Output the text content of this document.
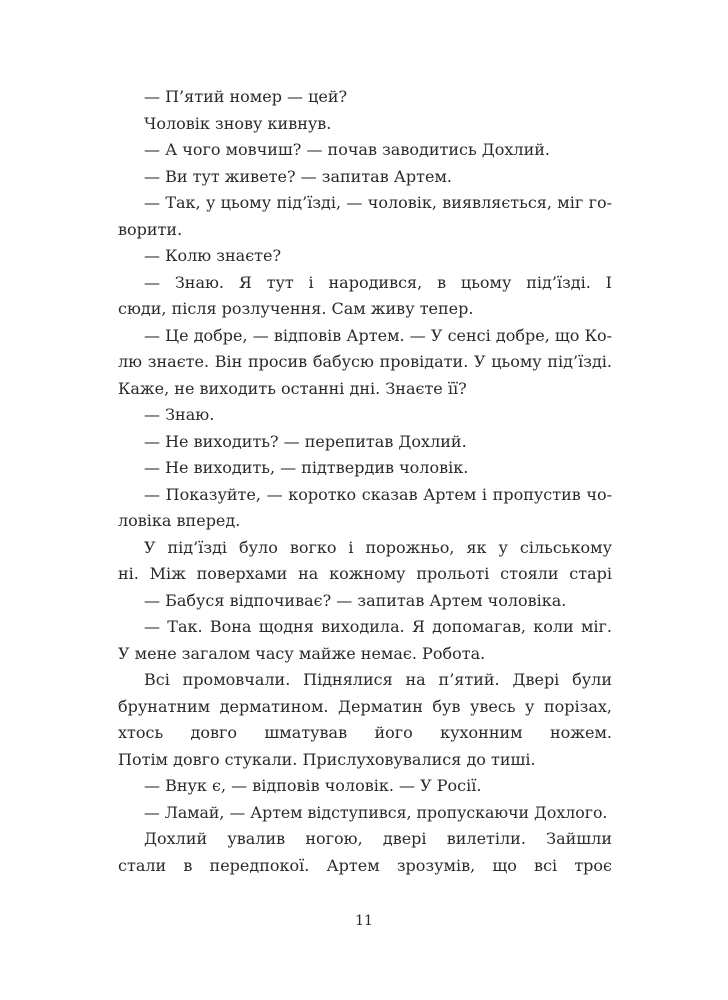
— П’ятий номер — цей?
Чоловік знову кивнув.
— А чого мовчиш? — почав заводитись Дохлий.
— Ви тут живете? — запитав Артем.
— Так, у цьому під’їзді, — чоловік, виявляється, міг го-
ворити.
— Колю знаєте?
— Знаю. Я тут і народився, в цьому під’їзді. І
сюди, після розлучення. Сам живу тепер.
— Це добре, — відповів Артем. — У сенсі добре, що Ко-
лю знаєте. Він просив бабусю провідати. У цьому під’їзді.
Каже, не виходить останні дні. Знаєте її?
— Знаю.
— Не виходить? — перепитав Дохлий.
— Не виходить, — підтвердив чоловік.
— Показуйте, — коротко сказав Артем і пропустив чо-
ловіка вперед.
У під’їзді було вогко і порожньо, як у сільському
ні. Між поверхами на кожному прольоті стояли старі
— Бабуся відпочиває? — запитав Артем чоловіка.
— Так. Вона щодня виходила. Я допомагав, коли міг.
У мене загалом часу майже немає. Робота.
Всі промовчали. Піднялися на п’ятий. Двері були
брунатним дерматином. Дерматин був увесь у порізах,
хтось довго шматував його кухонним ножем.
Потім довго стукали. Прислуховувалися до тиші.
— Внук є, — відповів чоловік. — У Росії.
— Ламай, — Артем відступився, пропускаючи Дохлого.
Дохлий увалив ногою, двері вилетіли. Зайшли
стали в передпокої. Артем зрозумів, що всі троє
11
